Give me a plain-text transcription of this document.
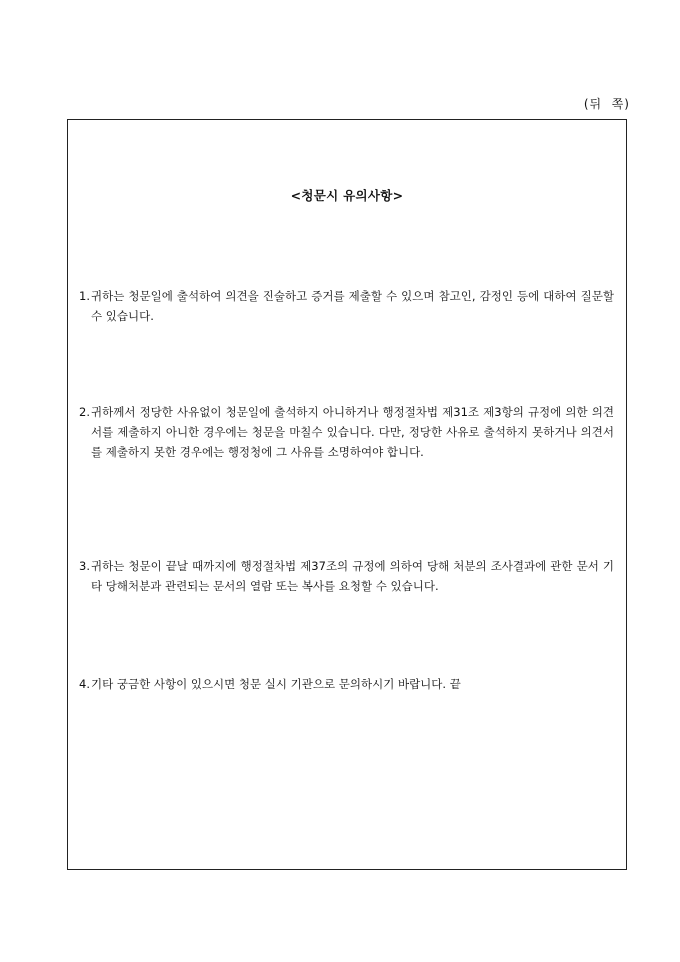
(뒤  쪽)
<청문시 유의사항>
1. 귀하는 청문일에 출석하여 의견을 진술하고 증거를 제출할 수 있으며 참고인, 감정인 등에 대하여 질문할 수 있습니다.
2. 귀하께서 정당한 사유없이 청문일에 출석하지 아니하거나 행정절차법 제31조 제3항의 규정에 의한 의견서를 제출하지 아니한 경우에는 청문을 마칠수 있습니다. 다만, 정당한 사유로 출석하지 못하거나 의견서를 제출하지 못한 경우에는 행정청에 그 사유를 소명하여야 합니다.
3. 귀하는 청문이 끝날 때까지에 행정절차법 제37조의 규정에 의하여 당해 처분의 조사결과에 관한 문서 기타 당해처분과 관련되는 문서의 열람 또는 복사를 요청할 수 있습니다.
4. 기타 궁금한 사항이 있으시면 청문 실시 기관으로 문의하시기 바랍니다. 끝
